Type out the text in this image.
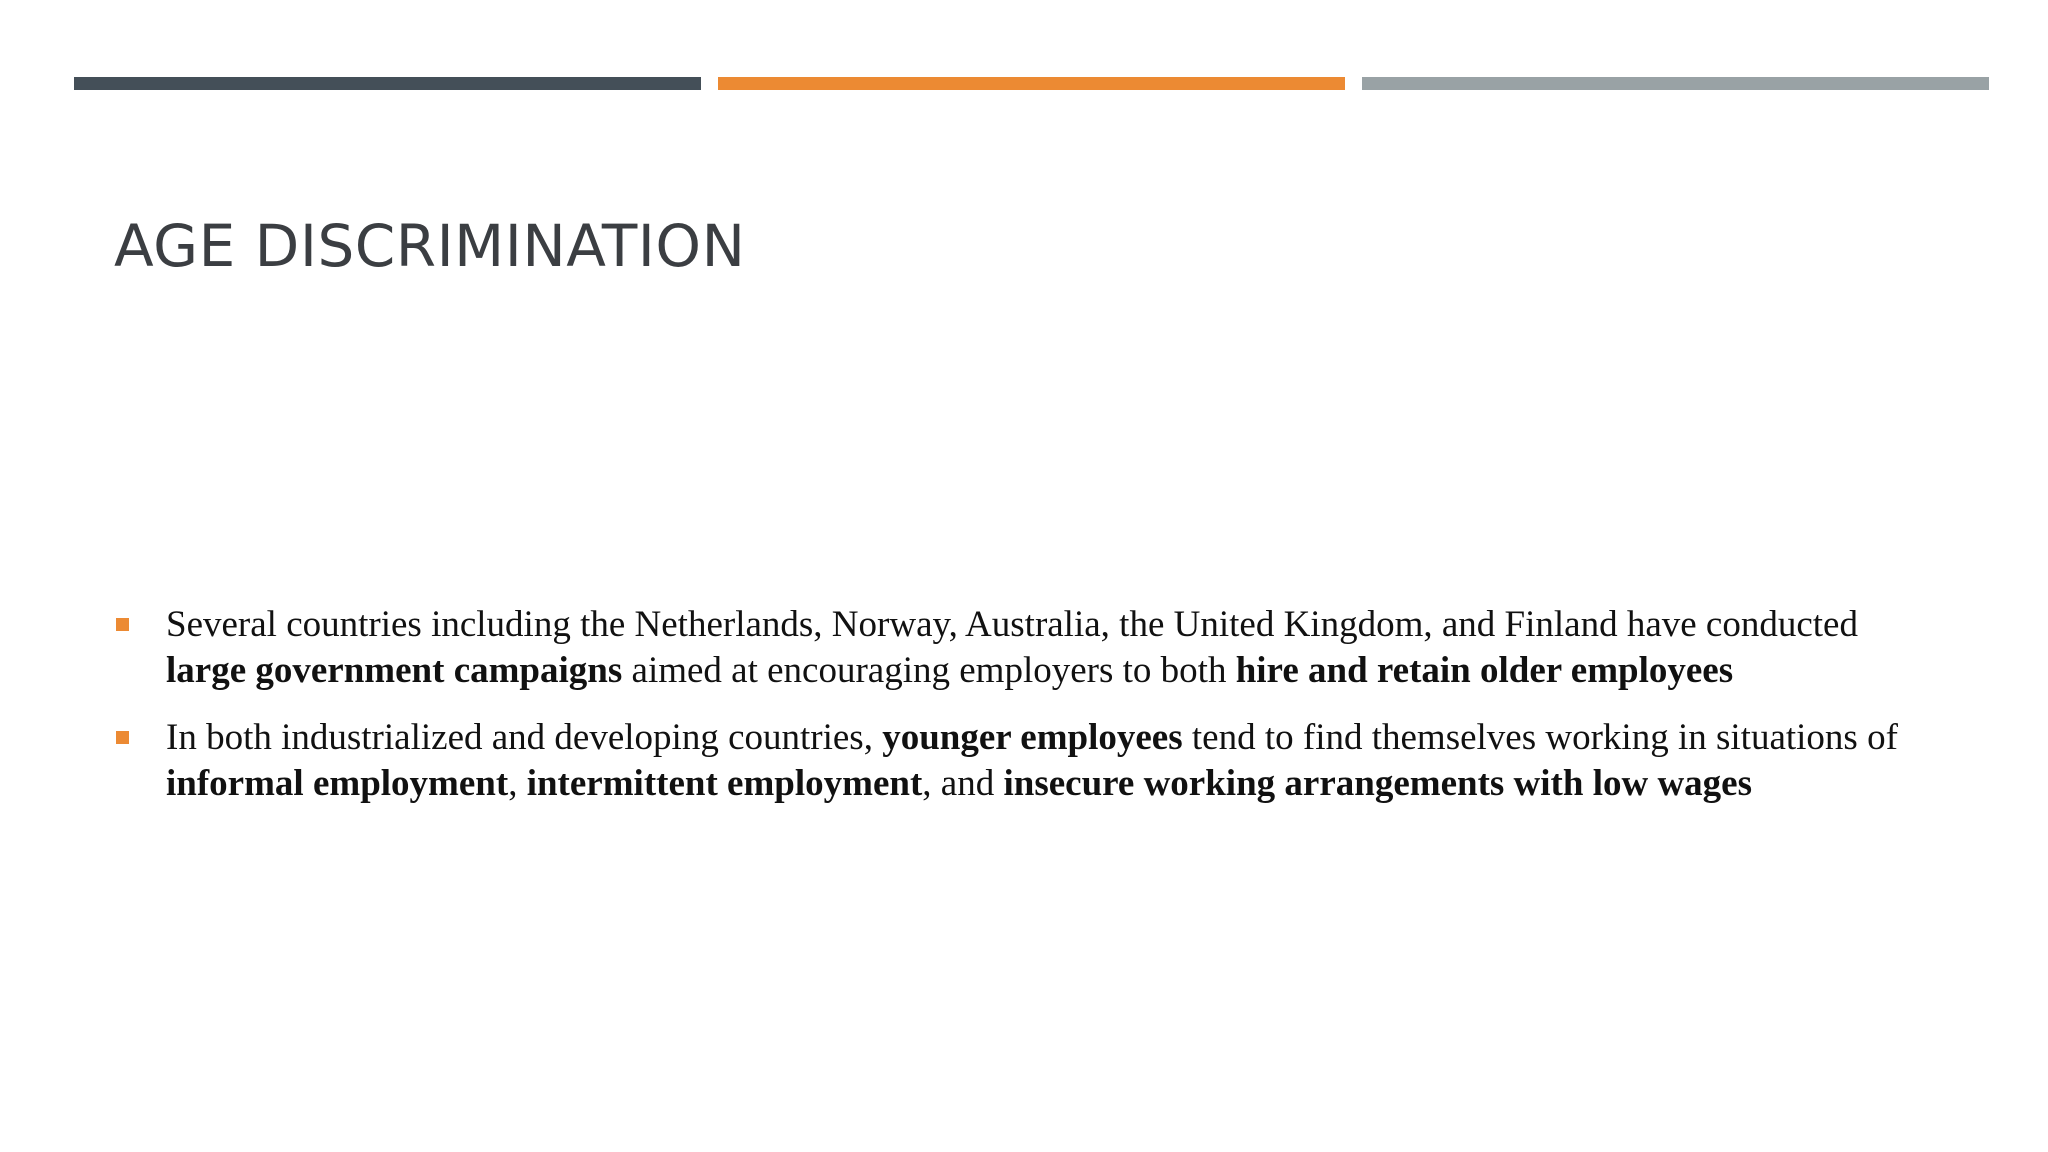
AGE DISCRIMINATION
Several countries including the Netherlands, Norway, Australia, the United Kingdom, and Finland have conducted large government campaigns aimed at encouraging employers to both hire and retain older employees
In both industrialized and developing countries, younger employees tend to find themselves working in situations of informal employment, intermittent employment, and insecure working arrangements with low wages
